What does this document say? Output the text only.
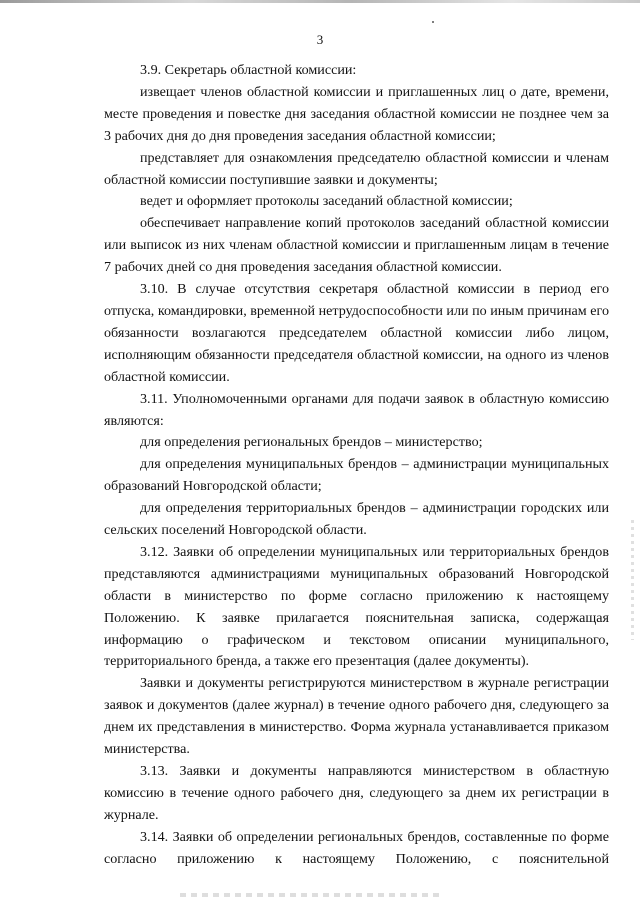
3

3.9. Секретарь областной комиссии:

извещает членов областной комиссии и приглашенных лиц о дате, времени, месте проведения и повестке дня заседания областной комиссии не позднее чем за 3 рабочих дня до дня проведения заседания областной комиссии;

представляет для ознакомления председателю областной комиссии и членам областной комиссии поступившие заявки и документы;

ведет и оформляет протоколы заседаний областной комиссии;

обеспечивает направление копий протоколов заседаний областной комиссии или выписок из них членам областной комиссии и приглашенным лицам в течение 7 рабочих дней со дня проведения заседания областной комиссии.

3.10. В случае отсутствия секретаря областной комиссии в период его отпуска, командировки, временной нетрудоспособности или по иным причинам его обязанности возлагаются председателем областной комиссии либо лицом, исполняющим обязанности председателя областной комиссии, на одного из членов областной комиссии.

3.11. Уполномоченными органами для подачи заявок в областную комиссию являются:

для определения региональных брендов – министерство;

для определения муниципальных брендов – администрации муниципальных образований Новгородской области;

для определения территориальных брендов – администрации городских или сельских поселений Новгородской области.

3.12. Заявки об определении муниципальных или территориальных брендов представляются администрациями муниципальных образований Новгородской области в министерство по форме согласно приложению к настоящему Положению. К заявке прилагается пояснительная записка, содержащая информацию о графическом и текстовом описании муниципального, территориального бренда, а также его презентация (далее документы).

Заявки и документы регистрируются министерством в журнале регистрации заявок и документов (далее журнал) в течение одного рабочего дня, следующего за днем их представления в министерство. Форма журнала устанавливается приказом министерства.

3.13. Заявки и документы направляются министерством в областную комиссию в течение одного рабочего дня, следующего за днем их регистрации в журнале.

3.14. Заявки об определении региональных брендов, составленные по форме согласно приложению к настоящему Положению, с пояснительной
